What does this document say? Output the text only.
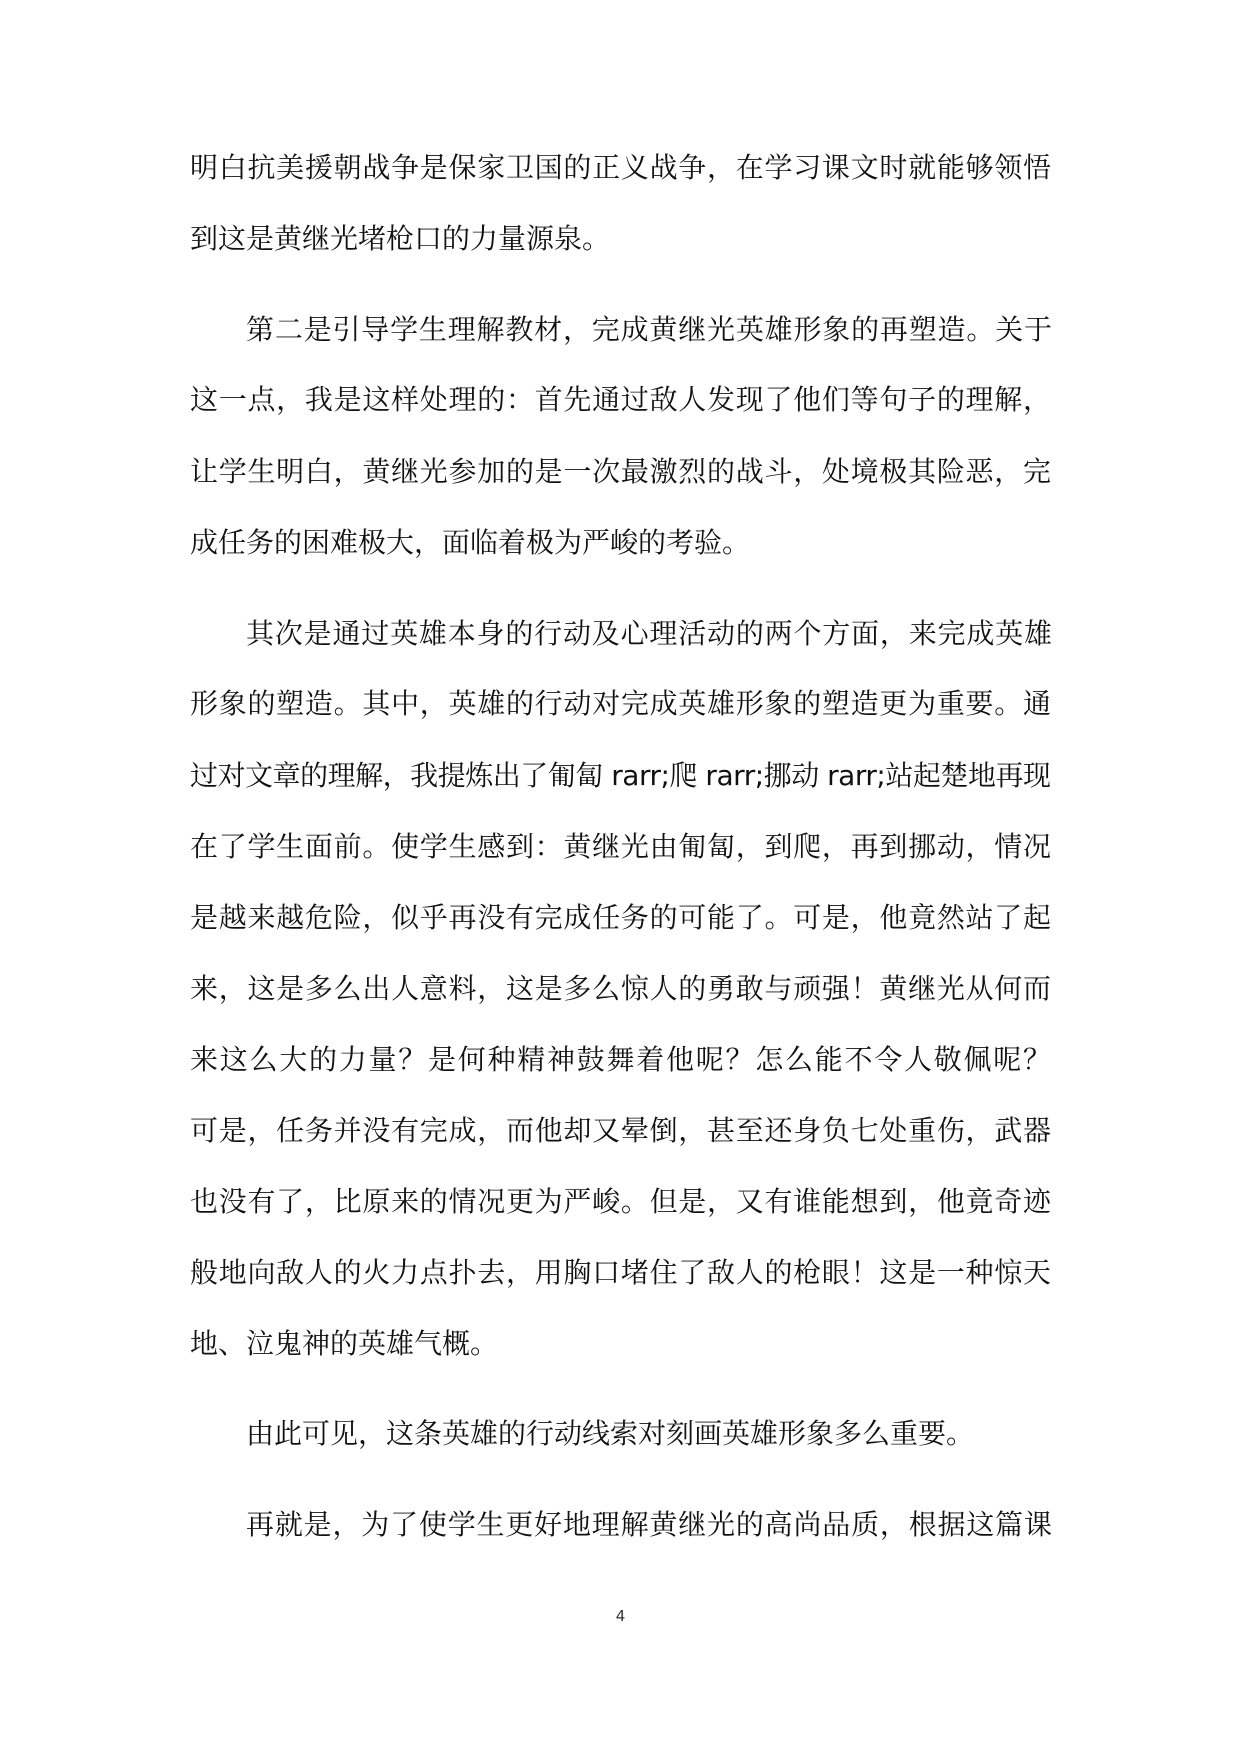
明白抗美援朝战争是保家卫国的正义战争，在学习课文时就能够领悟
到这是黄继光堵枪口的力量源泉。
第二是引导学生理解教材，完成黄继光英雄形象的再塑造。关于
这一点，我是这样处理的：首先通过敌人发现了他们等句子的理解，
让学生明白，黄继光参加的是一次最激烈的战斗，处境极其险恶，完
成任务的困难极大，面临着极为严峻的考验。
其次是通过英雄本身的行动及心理活动的两个方面，来完成英雄
形象的塑造。其中，英雄的行动对完成英雄形象的塑造更为重要。通
过对文章的理解，我提炼出了匍匐 rarr;爬 rarr;挪动 rarr;站起楚地再现
在了学生面前。使学生感到：黄继光由匍匐，到爬，再到挪动，情况
是越来越危险，似乎再没有完成任务的可能了。可是，他竟然站了起
来，这是多么出人意料，这是多么惊人的勇敢与顽强！黄继光从何而
来这么大的力量？是何种精神鼓舞着他呢？怎么能不令人敬佩呢？
可是，任务并没有完成，而他却又晕倒，甚至还身负七处重伤，武器
也没有了，比原来的情况更为严峻。但是，又有谁能想到，他竟奇迹
般地向敌人的火力点扑去，用胸口堵住了敌人的枪眼！这是一种惊天
地、泣鬼神的英雄气概。
由此可见，这条英雄的行动线索对刻画英雄形象多么重要。
再就是，为了使学生更好地理解黄继光的高尚品质，根据这篇课
4
